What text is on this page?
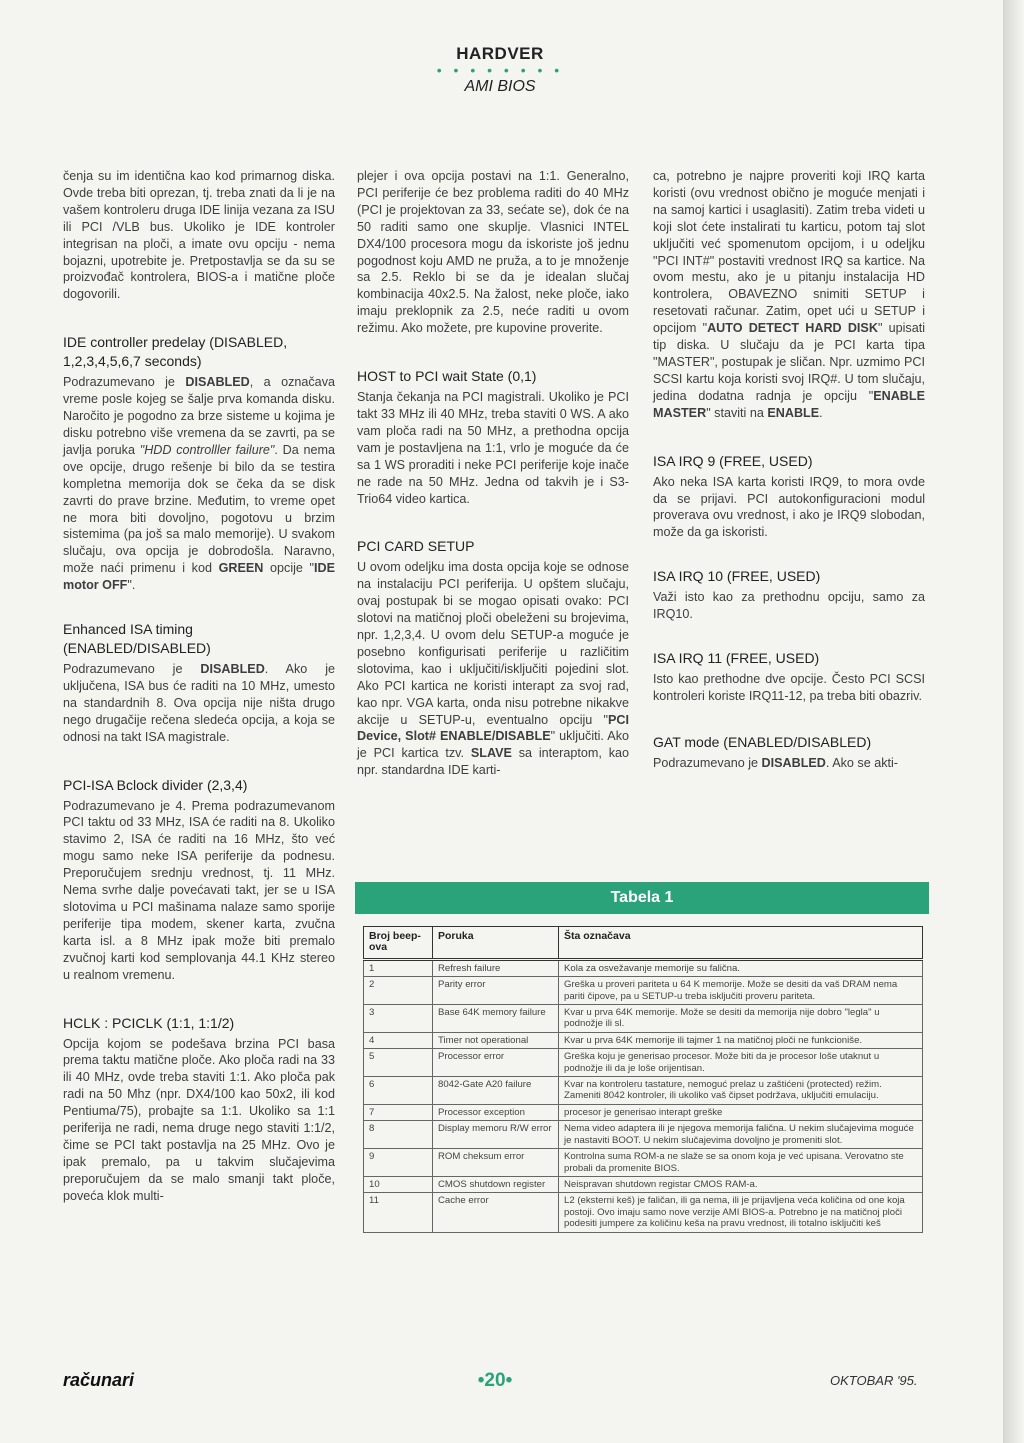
HARDVER
• • • • • • • •
AMI BIOS

čenja su im identična kao kod primarnog diska. Ovde treba biti oprezan, tj. treba znati da li je na vašem kontroleru druga IDE linija vezana za ISU ili PCI /VLB bus. Ukoliko je IDE kontroler integrisan na ploči, a imate ovu opciju - nema bojazni, upotrebite je. Pretpostavlja se da su se proizvođač kontrolera, BIOS-a i matične ploče dogovorili.

IDE controller predelay (DISABLED, 1,2,3,4,5,6,7 seconds)

Podrazumevano je DISABLED, a označava vreme posle kojeg se šalje prva komanda disku. Naročito je pogodno za brze sisteme u kojima je disku potrebno više vremena da se zavrti, pa se javlja poruka "HDD controlller failure". Da nema ove opcije, drugo rešenje bi bilo da se testira kompletna memorija dok se čeka da se disk zavrti do prave brzine. Međutim, to vreme opet ne mora biti dovoljno, pogotovu u brzim sistemima (pa još sa malo memorije). U svakom slučaju, ova opcija je dobrodošla. Naravno, može naći primenu i kod GREEN opcije "IDE motor OFF".

Enhanced ISA timing (ENABLED/DISABLED)

Podrazumevano je DISABLED. Ako je uključena, ISA bus će raditi na 10 MHz, umesto na standardnih 8. Ova opcija nije ništa drugo nego drugačije rečena sledeća opcija, a koja se odnosi na takt ISA magistrale.

PCI-ISA Bclock divider (2,3,4)

Podrazumevano je 4. Prema podrazumevanom PCI taktu od 33 MHz, ISA će raditi na 8. Ukoliko stavimo 2, ISA će raditi na 16 MHz, što već mogu samo neke ISA periferije da podnesu. Preporučujem srednju vrednost, tj. 11 MHz. Nema svrhe dalje povećavati takt, jer se u ISA slotovima u PCI mašinama nalaze samo sporije periferije tipa modem, skener karta, zvučna karta isl. a 8 MHz ipak može biti premalo zvučnoj karti kod semplovanja 44.1 KHz stereo u realnom vremenu.

HCLK : PCICLK (1:1, 1:1/2)

Opcija kojom se podešava brzina PCI basa prema taktu matične ploče. Ako ploča radi na 33 ili 40 MHz, ovde treba staviti 1:1. Ako ploča pak radi na 50 Mhz (npr. DX4/100 kao 50x2, ili kod Pentiuma/75), probajte sa 1:1. Ukoliko sa 1:1 periferija ne radi, nema druge nego staviti 1:1/2, čime se PCI takt postavlja na 25 MHz. Ovo je ipak premalo, pa u takvim slučajevima preporučujem da se malo smanji takt ploče, poveća klok multi-

plejer i ova opcija postavi na 1:1. Generalno, PCI periferije će bez problema raditi do 40 MHz (PCI je projektovan za 33, sećate se), dok će na 50 raditi samo one skuplje. Vlasnici INTEL DX4/100 procesora mogu da iskoriste još jednu pogodnost koju AMD ne pruža, a to je množenje sa 2.5. Reklo bi se da je idealan slučaj kombinacija 40x2.5. Na žalost, neke ploče, iako imaju preklopnik za 2.5, neće raditi u ovom režimu. Ako možete, pre kupovine proverite.

HOST to PCI wait State (0,1)

Stanja čekanja na PCI magistrali. Ukoliko je PCI takt 33 MHz ili 40 MHz, treba staviti 0 WS. A ako vam ploča radi na 50 MHz, a prethodna opcija vam je postavljena na 1:1, vrlo je moguće da će sa 1 WS proraditi i neke PCI periferije koje inače ne rade na 50 MHz. Jedna od takvih je i S3-Trio64 video kartica.

PCI CARD SETUP

U ovom odeljku ima dosta opcija koje se odnose na instalaciju PCI periferija. U opštem slučaju, ovaj postupak bi se mogao opisati ovako: PCI slotovi na matičnoj ploči obeleženi su brojevima, npr. 1,2,3,4. U ovom delu SETUP-a moguće je posebno konfigurisati periferije u različitim slotovima, kao i uključiti/isključiti pojedini slot. Ako PCI kartica ne koristi interapt za svoj rad, kao npr. VGA karta, onda nisu potrebne nikakve akcije u SETUP-u, eventualno opciju "PCI Device, Slot# ENABLE/DISABLE" uključiti. Ako je PCI kartica tzv. SLAVE sa interaptom, kao npr. standardna IDE karti-

ca, potrebno je najpre proveriti koji IRQ karta koristi (ovu vrednost obično je moguće menjati i na samoj kartici i usaglasiti). Zatim treba videti u koji slot ćete instalirati tu karticu, potom taj slot uključiti već spomenutom opcijom, i u odeljku "PCI INT#" postaviti vrednost IRQ sa kartice. Na ovom mestu, ako je u pitanju instalacija HD kontrolera, OBAVEZNO snimiti SETUP i resetovati računar. Zatim, opet ući u SETUP i opcijom "AUTO DETECT HARD DISK" upisati tip diska. U slučaju da je PCI karta tipa "MASTER", postupak je sličan. Npr. uzmimo PCI SCSI kartu koja koristi svoj IRQ#. U tom slučaju, jedina dodatna radnja je opciju "ENABLE MASTER" staviti na ENABLE.

ISA IRQ 9 (FREE, USED)

Ako neka ISA karta koristi IRQ9, to mora ovde da se prijavi. PCI autokonfiguracioni modul proverava ovu vrednost, i ako je IRQ9 slobodan, može da ga iskoristi.

ISA IRQ 10 (FREE, USED)

Važi isto kao za prethodnu opciju, samo za IRQ10.

ISA IRQ 11 (FREE, USED)

Isto kao prethodne dve opcije. Često PCI SCSI kontroleri koriste IRQ11-12, pa treba biti obazriv.

GAT mode (ENABLED/DISABLED)

Podrazumevano je DISABLED. Ako se akti-

Tabela 1
Broj beep-ova	Poruka	Šta označava
1	Refresh failure	Kola za osvežavanje memorije su falična.
2	Parity error	Greška u proveri pariteta u 64 K memorije. Može se desiti da vaš DRAM nema pariti čipove, pa u SETUP-u treba isključiti proveru pariteta.
3	Base 64K memory failure	Kvar u prva 64K memorije. Može se desiti da memorija nije dobro "legla" u podnožje ili sl.
4	Timer not operational	Kvar u prva 64K memorije ili tajmer 1 na matičnoj ploči ne funkcioniše.
5	Processor error	Greška koju je generisao procesor. Može biti da je procesor loše utaknut u podnožje ili da je loše orijentisan.
6	8042-Gate A20 failure	Kvar na kontroleru tastature, nemoguć prelaz u zaštićeni (protected) režim. Zameniti 8042 kontroler, ili ukoliko vaš čipset podržava, uključiti emulaciju.
7	Processor exception	procesor je generisao interapt greške
8	Display memoru R/W error	Nema video adaptera ili je njegova memorija falična. U nekim slučajevima moguće je nastaviti BOOT. U nekim slučajevima dovoljno je promeniti slot.
9	ROM cheksum error	Kontrolna suma ROM-a ne slaže se sa onom koja je već upisana. Verovatno ste probali da promenite BIOS.
10	CMOS shutdown register	Neispravan shutdown registar CMOS RAM-a.
11	Cache error	L2 (eksterni keš) je faličan, ili ga nema, ili je prijavljena veća količina od one koja postoji. Ovo imaju samo nove verzije AMI BIOS-a. Potrebno je na matičnoj ploči podesiti jumpere za količinu keša na pravu vrednost, ili totalno isključiti keš
računari	•20•	OKTOBAR '95.
